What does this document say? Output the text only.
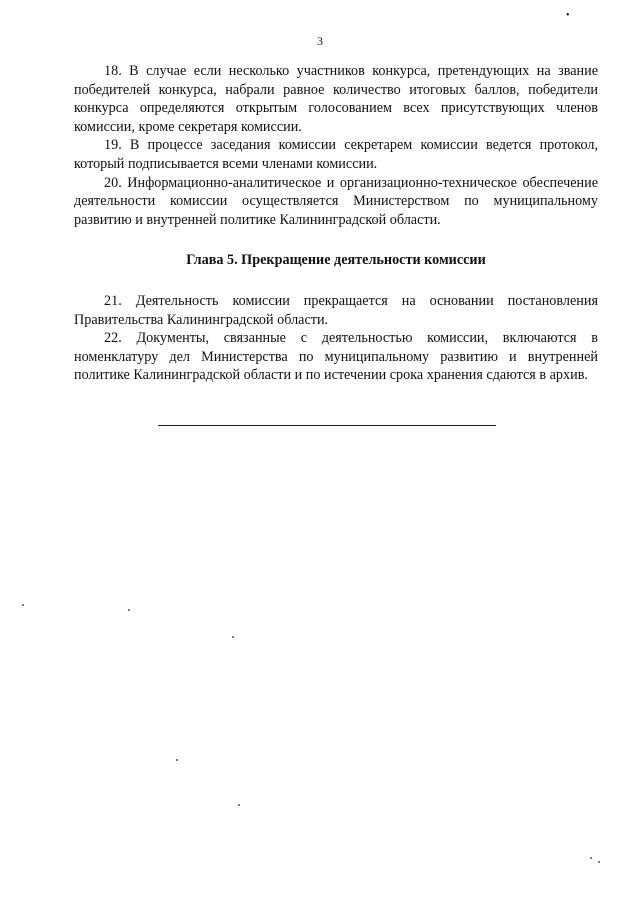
•
3

18. В случае если несколько участников конкурса, претендующих на звание победителей конкурса, набрали равное количество итоговых баллов, победители конкурса определяются открытым голосованием всех присутствующих членов комиссии, кроме секретаря комиссии.

19. В процессе заседания комиссии секретарем комиссии ведется протокол, который подписывается всеми членами комиссии.

20. Информационно-аналитическое и организационно-техническое обеспечение деятельности комиссии осуществляется Министерством по муниципальному развитию и внутренней политике Калининградской области.

Глава 5. Прекращение деятельности комиссии

21. Деятельность комиссии прекращается на основании постановления Правительства Калининградской области.

22. Документы, связанные с деятельностью комиссии, включаются в номенклатуру дел Министерства по муниципальному развитию и внутренней политике Калининградской области и по истечении срока хранения сдаются в архив.
